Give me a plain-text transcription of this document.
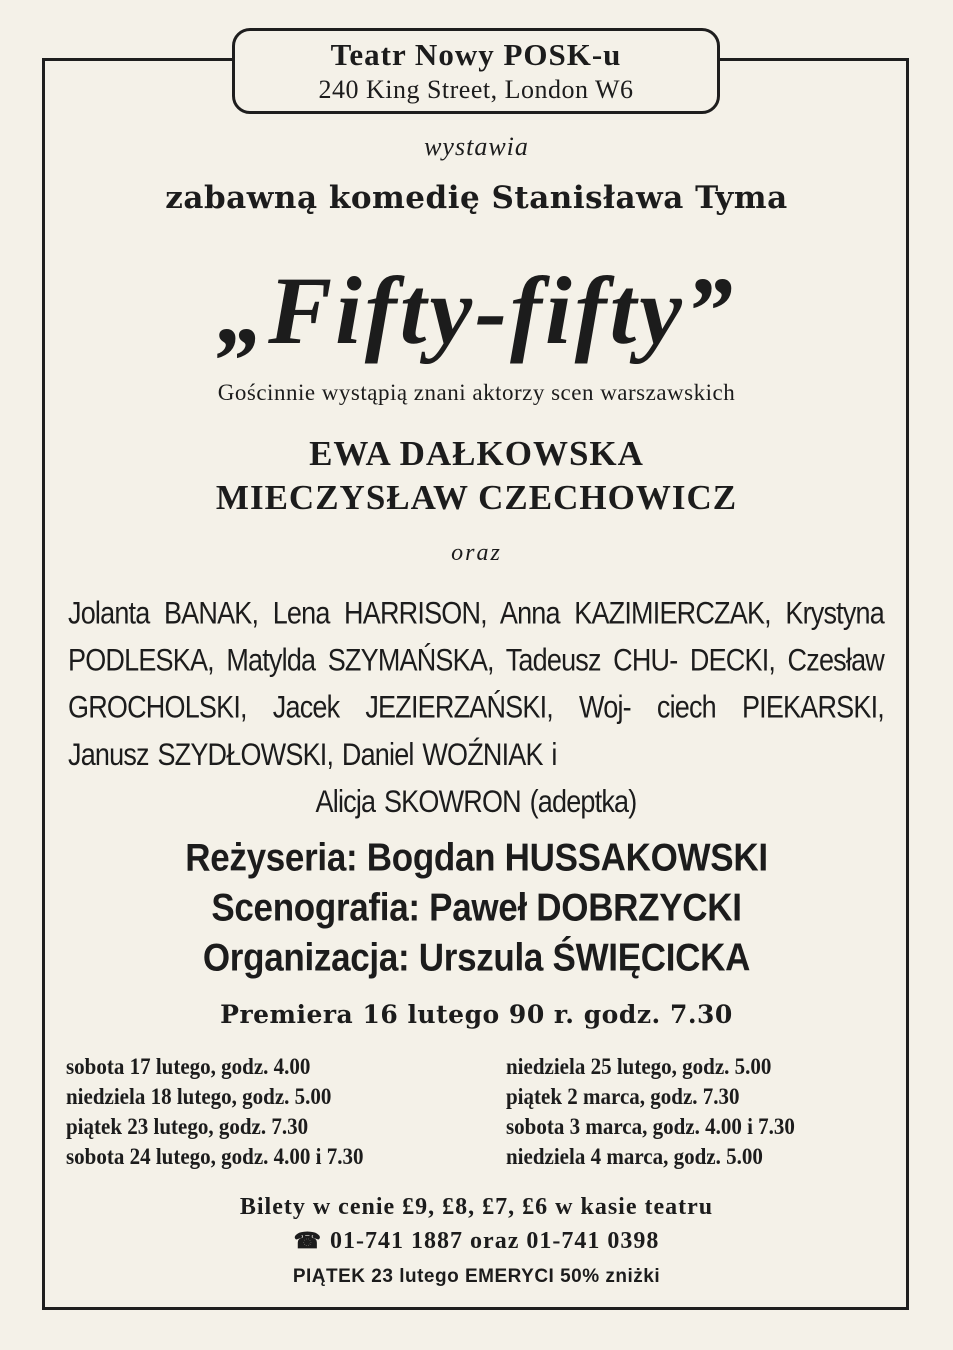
Teatr Nowy POSK-u
240 King Street, London W6
wystawia
zabawną komedię Stanisława Tyma
„Fifty-fifty”
Gościnnie wystąpią znani aktorzy scen warszawskich
EWA DAŁKOWSKA
MIECZYSŁAW CZECHOWICZ
oraz
Jolanta BANAK, Lena HARRISON, Anna KAZIMIERCZAK, Krystyna PODLESKA, Matylda SZYMAŃSKA, Tadeusz CHU- DECKI, Czesław GROCHOLSKI, Jacek JEZIERZAŃSKI, Woj- ciech PIEKARSKI, Janusz SZYDŁOWSKI, Daniel WOŹNIAK i
Alicja SKOWRON (adeptka)
Reżyseria: Bogdan HUSSAKOWSKI
Scenografia: Paweł DOBRZYCKI
Organizacja: Urszula ŚWIĘCICKA
Premiera 16 lutego 90 r. godz. 7.30
sobota 17 lutego, godz. 4.00
niedziela 18 lutego, godz. 5.00
piątek 23 lutego, godz. 7.30
sobota 24 lutego, godz. 4.00 i 7.30
niedziela 25 lutego, godz. 5.00
piątek 2 marca, godz. 7.30
sobota 3 marca, godz. 4.00 i 7.30
niedziela 4 marca, godz. 5.00
Bilety w cenie £9, £8, £7, £6 w kasie teatru
☎ 01-741 1887 oraz 01-741 0398
PIĄTEK 23 lutego EMERYCI 50% zniżki
